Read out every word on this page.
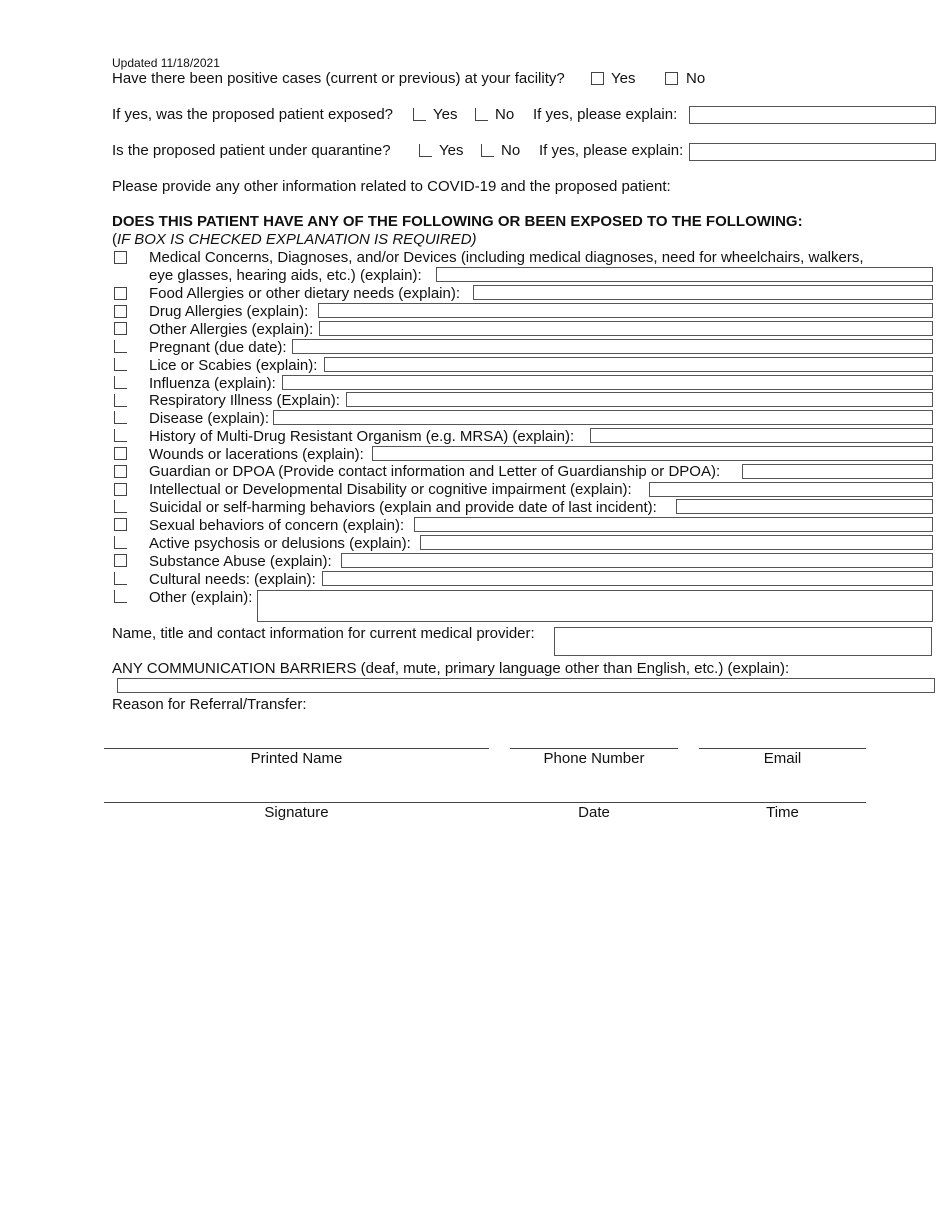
Updated 11/18/2021
Have there been positive cases (current or previous) at your facility?	Yes	No
If yes, was the proposed patient exposed?	Yes	No If yes, please explain:
Is the proposed patient under quarantine?	Yes	No If yes, please explain:
Please provide any other information related to COVID-19 and the proposed patient:
DOES THIS PATIENT HAVE ANY OF THE FOLLOWING OR BEEN EXPOSED TO THE FOLLOWING:
(IF BOX IS CHECKED EXPLANATION IS REQUIRED)
Medical Concerns, Diagnoses, and/or Devices (including medical diagnoses, need for wheelchairs, walkers,
eye glasses, hearing aids, etc.) (explain):
Food Allergies or other dietary needs (explain):
Drug Allergies (explain):
Other Allergies (explain):
Pregnant (due date):
Lice or Scabies (explain):
Influenza (explain):
Respiratory Illness (Explain):
Disease (explain):
History of Multi-Drug Resistant Organism (e.g. MRSA) (explain):
Wounds or lacerations (explain):
Guardian or DPOA (Provide contact information and Letter of Guardianship or DPOA):
Intellectual or Developmental Disability or cognitive impairment (explain):
Suicidal or self-harming behaviors (explain and provide date of last incident):
Sexual behaviors of concern (explain):
Active psychosis or delusions (explain):
Substance Abuse (explain):
Cultural needs: (explain):
Other (explain):
Name, title and contact information for current medical provider:
ANY COMMUNICATION BARRIERS (deaf, mute, primary language other than English, etc.) (explain):
Reason for Referral/Transfer:
Printed Name	Phone Number	Email
Signature	Date	Time
